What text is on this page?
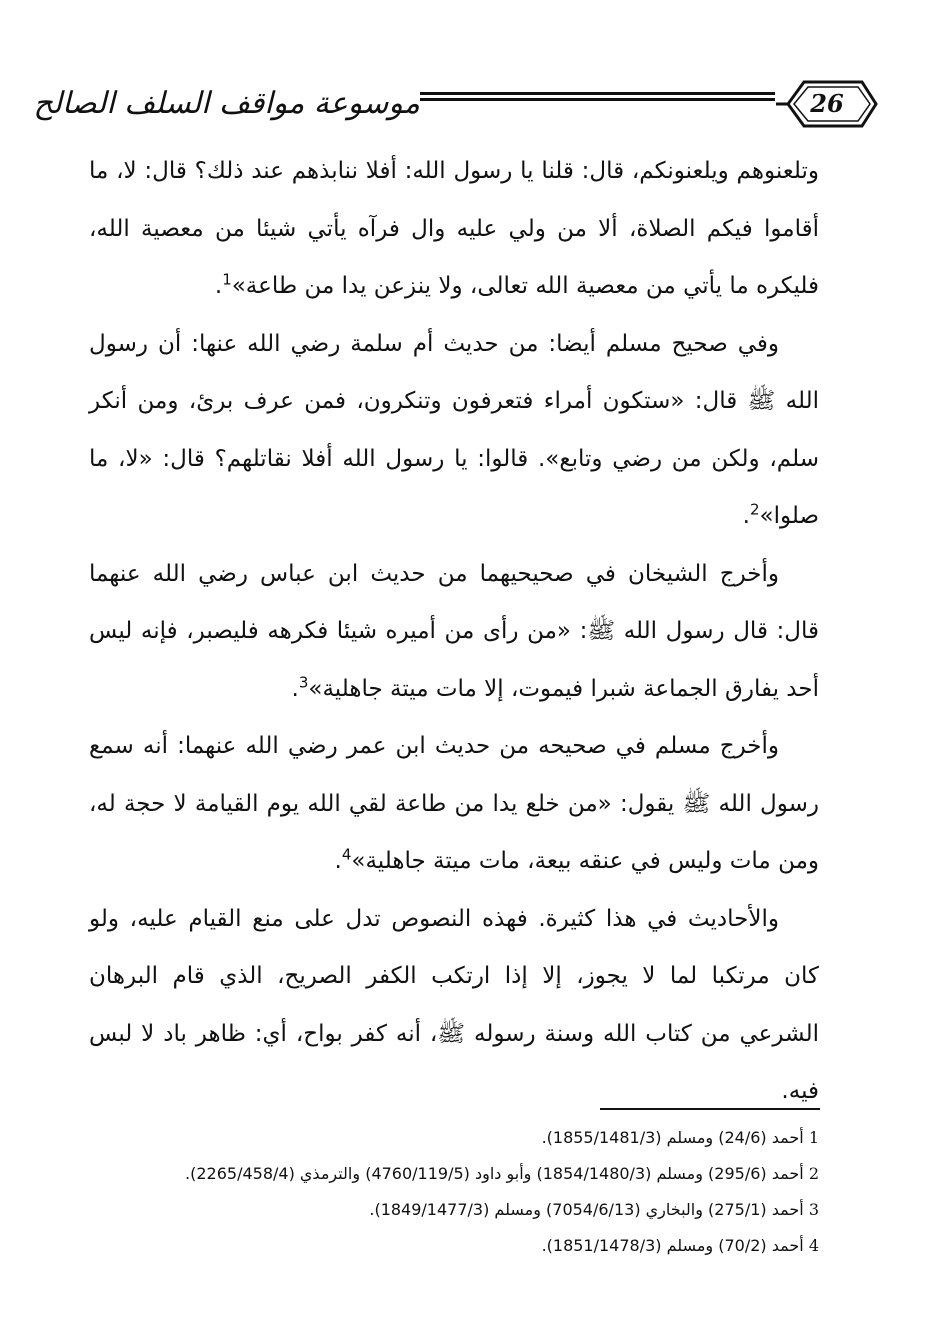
موسوعة مواقف السلف الصالح	26

وتلعنوهم ويلعنونكم، قال: قلنا يا رسول الله: أفلا ننابذهم عند ذلك؟ قال: لا، ما أقاموا فيكم الصلاة، ألا من ولي عليه وال فرآه يأتي شيئا من معصية الله، فليكره ما يأتي من معصية الله تعالى، ولا ينزعن يدا من طاعة»$^1$.

وفي صحيح مسلم أيضا: من حديث أم سلمة رضي الله عنها: أن رسول الله ﷺ قال: «ستكون أمراء فتعرفون وتنكرون، فمن عرف برئ، ومن أنكر سلم، ولكن من رضي وتابع». قالوا: يا رسول الله أفلا نقاتلهم؟ قال: «لا، ما صلوا»$^2$.

وأخرج الشيخان في صحيحيهما من حديث ابن عباس رضي الله عنهما قال: قال رسول الله ﷺ: «من رأى من أميره شيئا فكرهه فليصبر، فإنه ليس أحد يفارق الجماعة شبرا فيموت، إلا مات ميتة جاهلية»$^3$.

وأخرج مسلم في صحيحه من حديث ابن عمر رضي الله عنهما: أنه سمع رسول الله ﷺ يقول: «من خلع يدا من طاعة لقي الله يوم القيامة لا حجة له، ومن مات وليس في عنقه بيعة، مات ميتة جاهلية»$^4$.

والأحاديث في هذا كثيرة. فهذه النصوص تدل على منع القيام عليه، ولو كان مرتكبا لما لا يجوز، إلا إذا ارتكب الكفر الصريح، الذي قام البرهان الشرعي من كتاب الله وسنة رسوله ﷺ، أنه كفر بواح، أي: ظاهر باد لا لبس فيه.

1 أحمد (24/6) ومسلم (1855/1481/3).

2 أحمد (295/6) ومسلم (1854/1480/3) وأبو داود (4760/119/5) والترمذي (2265/458/4).

3 أحمد (275/1) والبخاري (7054/6/13) ومسلم (1849/1477/3).

4 أحمد (70/2) ومسلم (1851/1478/3).
